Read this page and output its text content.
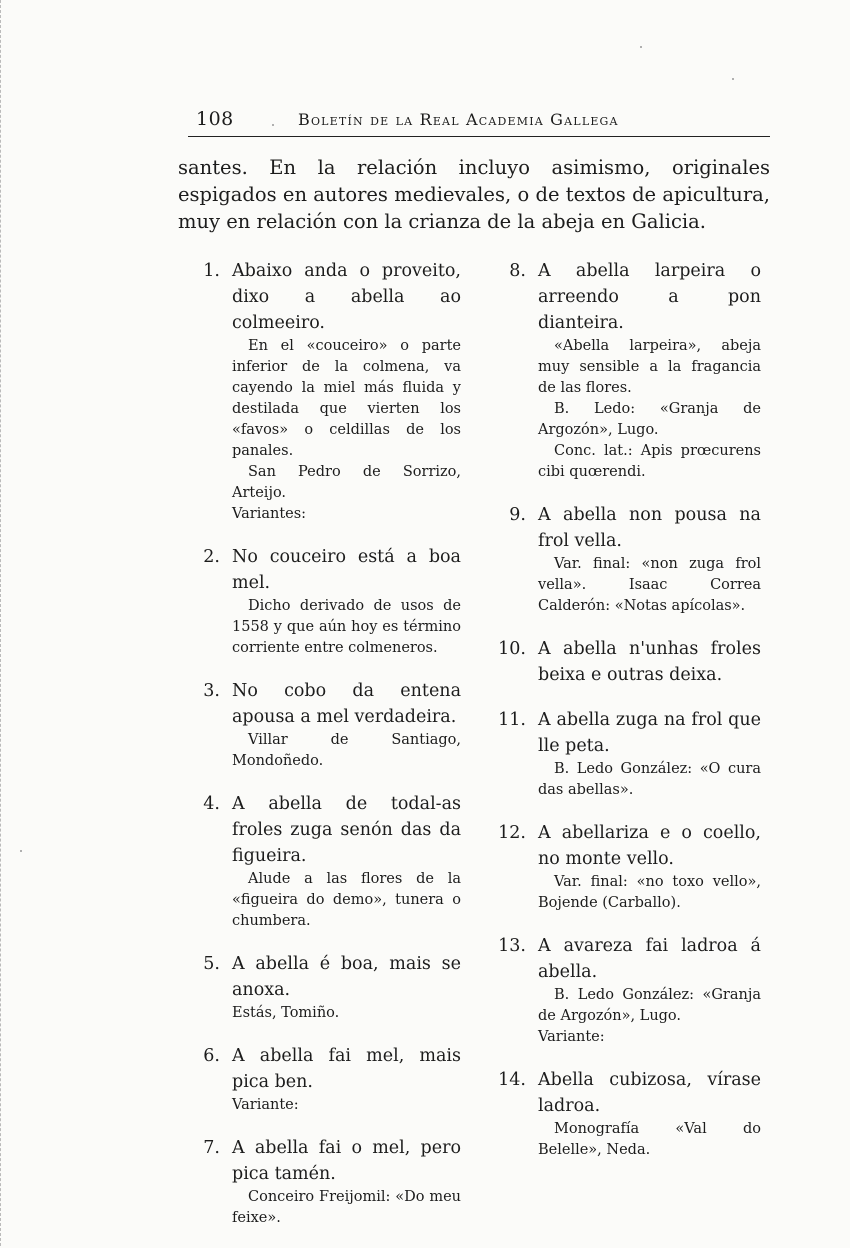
108	Boletín de la Real Academia Gallega

santes. En la relación incluyo asimismo, originales espigados en autores medievales, o de textos de apicultura, muy en relación con la crianza de la abeja en Galicia.

1. Abaixo anda o proveito, dixo a abella ao colmeeiro.

En el «couceiro» o parte inferior de la colmena, va cayendo la miel más fluida y destilada que vierten los «favos» o celdillas de los panales.

San Pedro de Sorrizo, Arteijo.

Variantes:

2. No couceiro está a boa mel.

Dicho derivado de usos de 1558 y que aún hoy es término corriente entre colmeneros.

3. No cobo da entena apousa a mel verdadeira.

Villar de Santiago, Mondoñedo.

4. A abella de todal-as froles zuga senón das da figueira.

Alude a las flores de la «figueira do demo», tunera o chumbera.

5. A abella é boa, mais se anoxa.

Estás, Tomiño.

6. A abella fai mel, mais pica ben.

Variante:

7. A abella fai o mel, pero pica tamén.

Conceiro Freijomil: «Do meu feixe».

8. A abella larpeira o arreendo a pon dianteira.

«Abella larpeira», abeja muy sensible a la fragancia de las flores.

B. Ledo: «Granja de Argozón», Lugo.

Conc. lat.: Apis prœcurens cibi quœrendi.

9. A abella non pousa na frol vella.

Var. final: «non zuga frol vella». Isaac Correa Calderón: «Notas apícolas».

10. A abella n'unhas froles beixa e outras deixa.
11. A abella zuga na frol que lle peta.

B. Ledo González: «O cura das abellas».

12. A abellariza e o coello, no monte vello.

Var. final: «no toxo vello», Bojende (Carballo).

13. A avareza fai ladroa á abella.

B. Ledo González: «Granja de Argozón», Lugo.

Variante:

14. Abella cubizosa, vírase ladroa.

Monografía «Val do Belelle», Neda.
